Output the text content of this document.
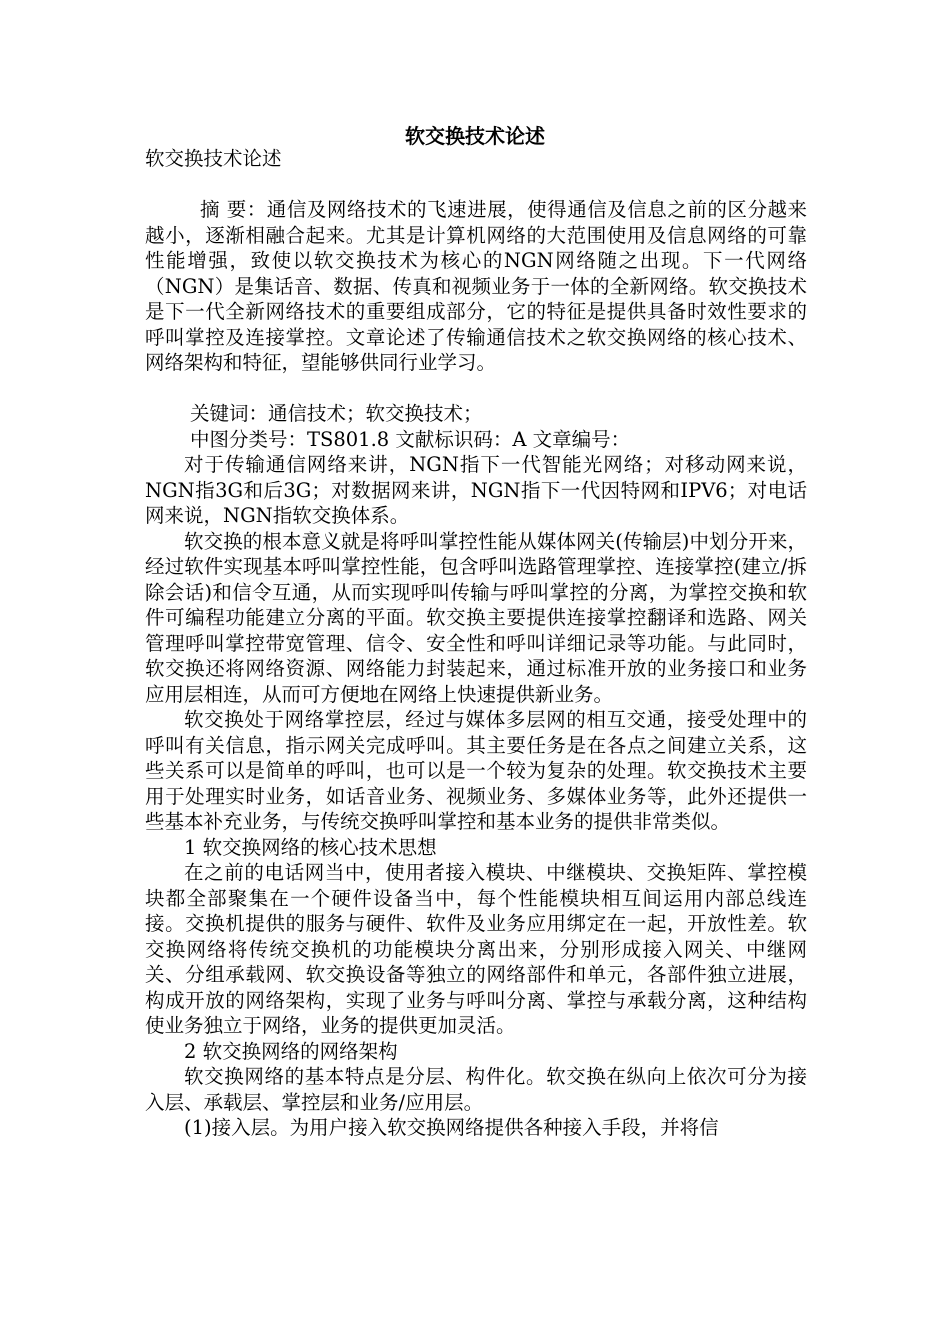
软交换技术论述

软交换技术论述

摘 要：通信及网络技术的飞速进展，使得通信及信息之前的区分越来越小，逐渐相融合起来。尤其是计算机网络的大范围使用及信息网络的可靠性能增强，致使以软交换技术为核心的NGN网络随之出现。下一代网络（NGN）是集话音、数据、传真和视频业务于一体的全新网络。软交换技术是下一代全新网络技术的重要组成部分，它的特征是提供具备时效性要求的呼叫掌控及连接掌控。文章论述了传输通信技术之软交换网络的核心技术、网络架构和特征，望能够供同行业学习。

关键词：通信技术；软交换技术；

中图分类号：TS801.8 文献标识码：A 文章编号：

对于传输通信网络来讲，NGN指下一代智能光网络；对移动网来说，NGN指3G和后3G；对数据网来讲，NGN指下一代因特网和IPV6；对电话网来说，NGN指软交换体系。

软交换的根本意义就是将呼叫掌控性能从媒体网关(传输层)中划分开来，经过软件实现基本呼叫掌控性能，包含呼叫选路管理掌控、连接掌控(建立/拆除会话)和信令互通，从而实现呼叫传输与呼叫掌控的分离，为掌控交换和软件可编程功能建立分离的平面。软交换主要提供连接掌控翻译和选路、网关管理呼叫掌控带宽管理、信令、安全性和呼叫详细记录等功能。与此同时，软交换还将网络资源、网络能力封装起来，通过标准开放的业务接口和业务应用层相连，从而可方便地在网络上快速提供新业务。

软交换处于网络掌控层，经过与媒体多层网的相互交通，接受处理中的呼叫有关信息，指示网关完成呼叫。其主要任务是在各点之间建立关系，这些关系可以是简单的呼叫，也可以是一个较为复杂的处理。软交换技术主要用于处理实时业务，如话音业务、视频业务、多媒体业务等，此外还提供一些基本补充业务，与传统交换呼叫掌控和基本业务的提供非常类似。

1 软交换网络的核心技术思想

在之前的电话网当中，使用者接入模块、中继模块、交换矩阵、掌控模块都全部聚集在一个硬件设备当中，每个性能模块相互间运用内部总线连接。交换机提供的服务与硬件、软件及业务应用绑定在一起，开放性差。软交换网络将传统交换机的功能模块分离出来，分别形成接入网关、中继网关、分组承载网、软交换设备等独立的网络部件和单元，各部件独立进展，构成开放的网络架构，实现了业务与呼叫分离、掌控与承载分离，这种结构使业务独立于网络，业务的提供更加灵活。

2 软交换网络的网络架构

软交换网络的基本特点是分层、构件化。软交换在纵向上依次可分为接入层、承载层、掌控层和业务/应用层。

(1)接入层。为用户接入软交换网络提供各种接入手段，并将信
